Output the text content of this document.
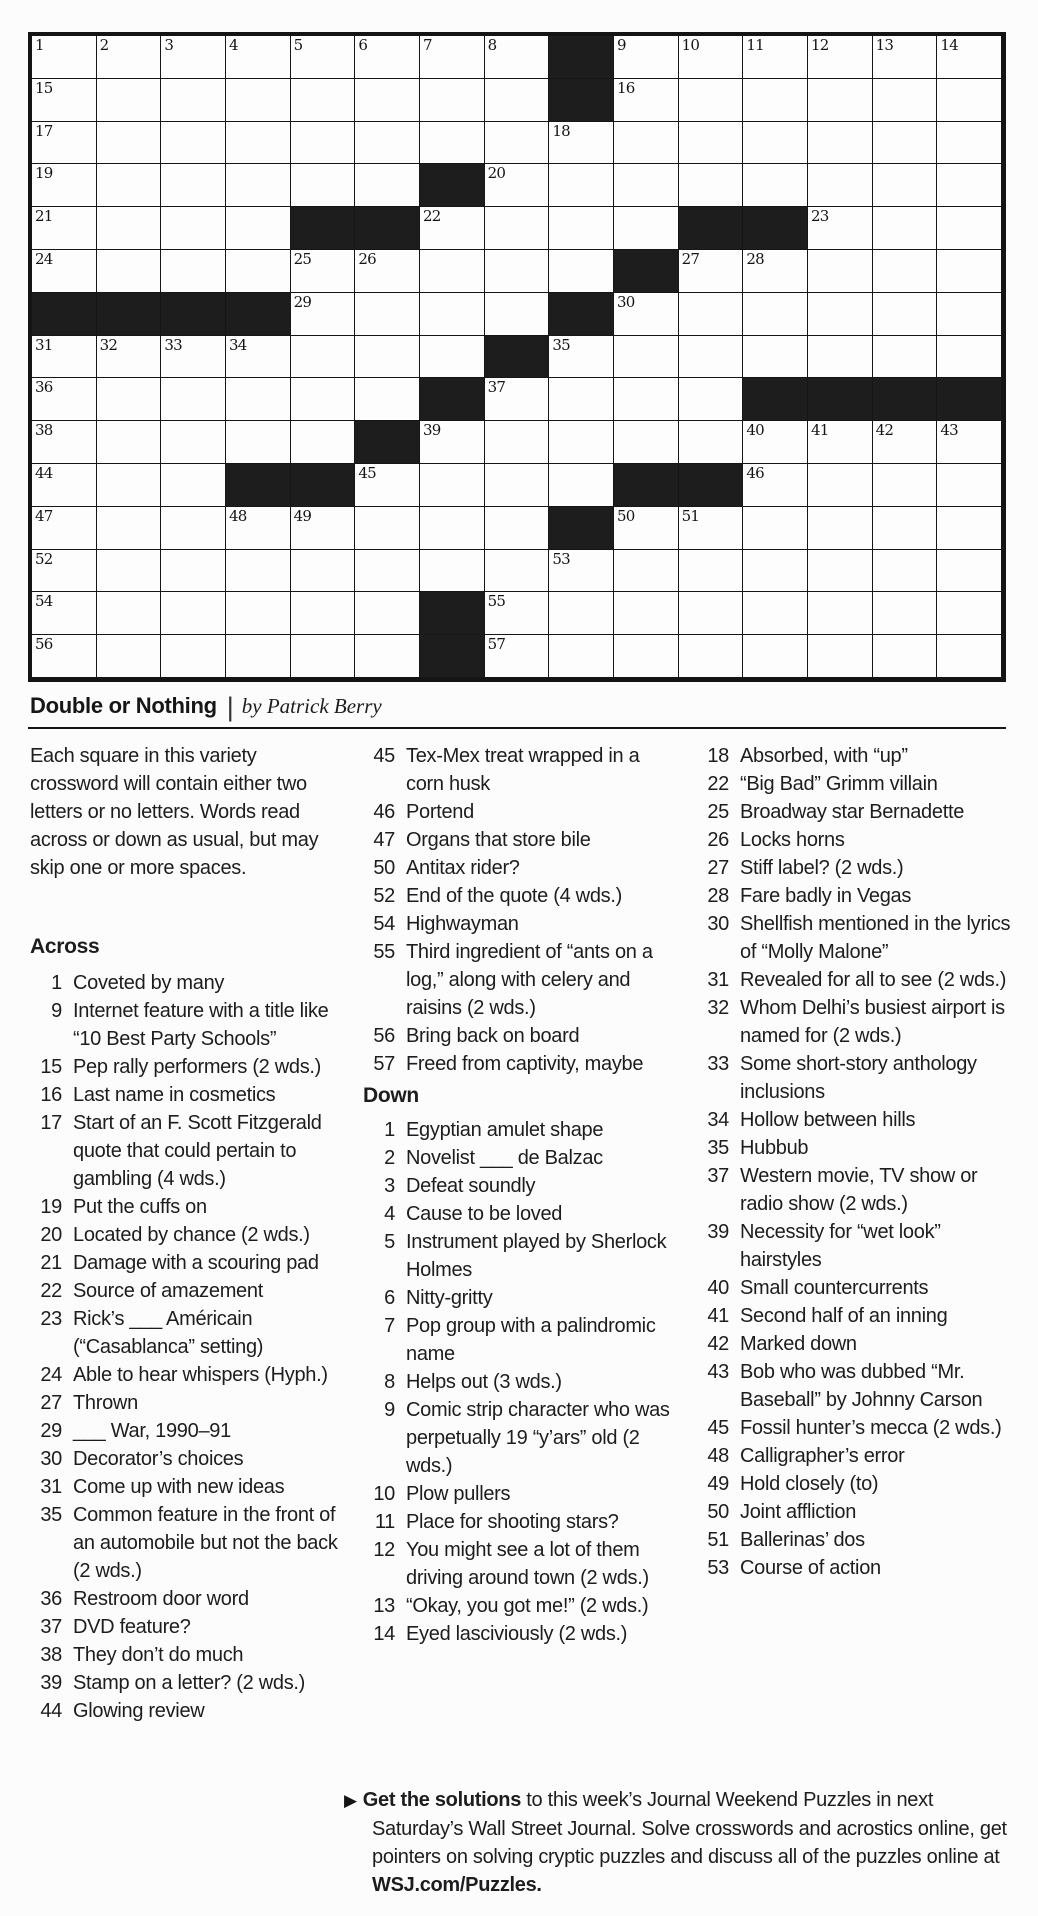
1	2	3	4	5	6	7	8	9	10	11	12	13	14
15	16
17	18
19	20
21	22	23
24	25	26	27	28
29	30
31	32	33	34	35
36	37
38	39	40	41	42	43
44	45	46
47	48	49	50	51
52	53
54	55
56	57
Double or Nothing | by Patrick Berry

Each square in this variety crossword will contain either two letters or no letters. Words read across or down as usual, but may skip one or more spaces.

Across
1 Coveted by many
9 Internet feature with a title like “10 Best Party Schools”
15 Pep rally performers (2 wds.)
16 Last name in cosmetics
17 Start of an F. Scott Fitzgerald quote that could pertain to gambling (4 wds.)
19 Put the cuffs on
20 Located by chance (2 wds.)
21 Damage with a scouring pad
22 Source of amazement
23 Rick’s ___ Américain (“Casablanca” setting)
24 Able to hear whispers (Hyph.)
27 Thrown
29 ___ War, 1990–91
30 Decorator’s choices
31 Come up with new ideas
35 Common feature in the front of an automobile but not the back (2 wds.)
36 Restroom door word
37 DVD feature?
38 They don’t do much
39 Stamp on a letter? (2 wds.)
44 Glowing review
45 Tex-Mex treat wrapped in a corn husk
46 Portend
47 Organs that store bile
50 Antitax rider?
52 End of the quote (4 wds.)
54 Highwayman
55 Third ingredient of “ants on a log,” along with celery and raisins (2 wds.)
56 Bring back on board
57 Freed from captivity, maybe
Down
1 Egyptian amulet shape
2 Novelist ___ de Balzac
3 Defeat soundly
4 Cause to be loved
5 Instrument played by Sherlock Holmes
6 Nitty-gritty
7 Pop group with a palindromic name
8 Helps out (3 wds.)
9 Comic strip character who was perpetually 19 “y’ars” old (2 wds.)
10 Plow pullers
11 Place for shooting stars?
12 You might see a lot of them driving around town (2 wds.)
13 “Okay, you got me!” (2 wds.)
14 Eyed lasciviously (2 wds.)
18 Absorbed, with “up”
22 “Big Bad” Grimm villain
25 Broadway star Bernadette
26 Locks horns
27 Stiff label? (2 wds.)
28 Fare badly in Vegas
30 Shellfish mentioned in the lyrics of “Molly Malone”
31 Revealed for all to see (2 wds.)
32 Whom Delhi’s busiest airport is named for (2 wds.)
33 Some short-story anthology inclusions
34 Hollow between hills
35 Hubbub
37 Western movie, TV show or radio show (2 wds.)
39 Necessity for “wet look” hairstyles
40 Small countercurrents
41 Second half of an inning
42 Marked down
43 Bob who was dubbed “Mr. Baseball” by Johnny Carson
45 Fossil hunter’s mecca (2 wds.)
48 Calligrapher’s error
49 Hold closely (to)
50 Joint affliction
51 Ballerinas’ dos
53 Course of action
▶ Get the solutions to this week’s Journal Weekend Puzzles in next Saturday’s Wall Street Journal. Solve crosswords and acrostics online, get pointers on solving cryptic puzzles and discuss all of the puzzles online at WSJ.com/Puzzles.
